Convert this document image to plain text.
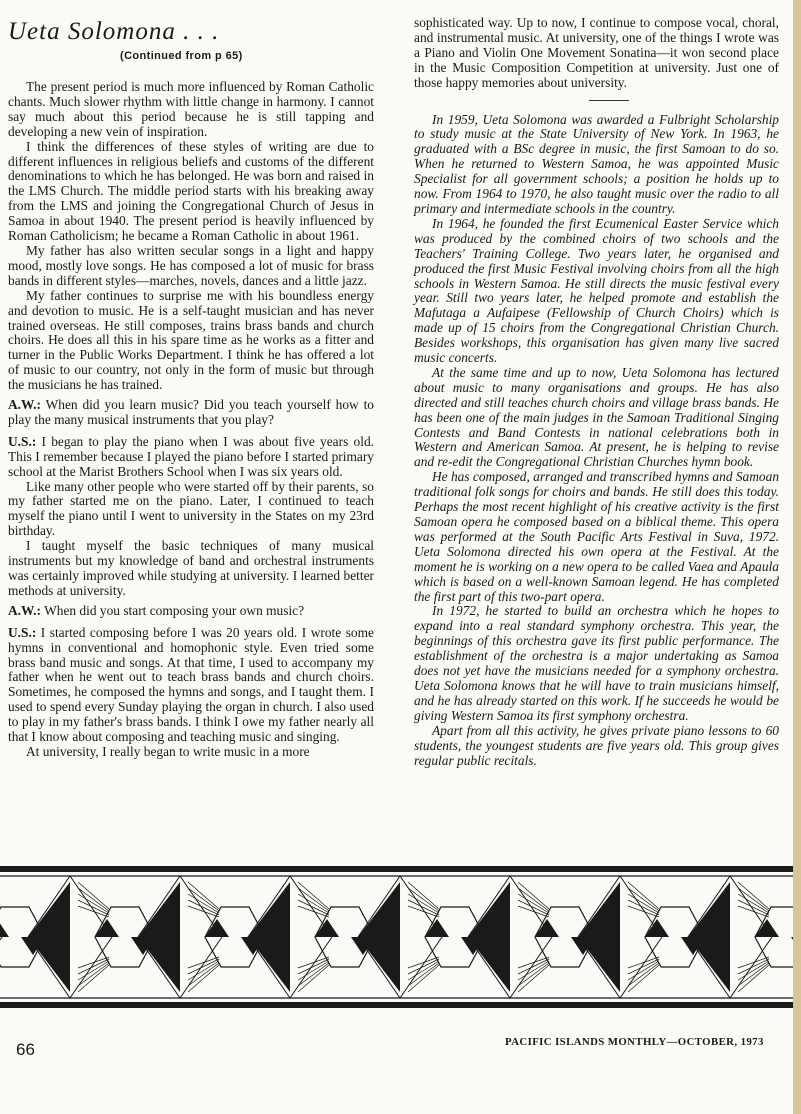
Ueta Solomona . . .
(Continued from p 65)

The present period is much more influenced by Roman Catholic chants. Much slower rhythm with little change in harmony. I cannot say much about this period because he is still tapping and developing a new vein of inspiration.

I think the differences of these styles of writing are due to different influences in religious beliefs and customs of the different denominations to which he has belonged. He was born and raised in the LMS Church. The middle period starts with his breaking away from the LMS and joining the Congregational Church of Jesus in Samoa in about 1940. The present period is heavily influenced by Roman Catholicism; he became a Roman Catholic in about 1961.

My father has also written secular songs in a light and happy mood, mostly love songs. He has composed a lot of music for brass bands in different styles—marches, novels, dances and a little jazz.

My father continues to surprise me with his boundless energy and devotion to music. He is a self-taught musician and has never trained overseas. He still composes, trains brass bands and church choirs. He does all this in his spare time as he works as a fitter and turner in the Public Works Department. I think he has offered a lot of music to our country, not only in the form of music but through the musicians he has trained.

A.W.: When did you learn music? Did you teach yourself how to play the many musical instruments that you play?

U.S.: I began to play the piano when I was about five years old. This I remember because I played the piano before I started primary school at the Marist Brothers School when I was six years old.

Like many other people who were started off by their parents, so my father started me on the piano. Later, I continued to teach myself the piano until I went to university in the States on my 23rd birthday.

I taught myself the basic techniques of many musical instruments but my knowledge of band and orchestral instruments was certainly improved while studying at university. I learned better methods at university.

A.W.: When did you start composing your own music?

U.S.: I started composing before I was 20 years old. I wrote some hymns in conventional and homophonic style. Even tried some brass band music and songs. At that time, I used to accompany my father when he went out to teach brass bands and church choirs. Sometimes, he composed the hymns and songs, and I taught them. I used to spend every Sunday playing the organ in church. I also used to play in my father's brass bands. I think I owe my father nearly all that I know about composing and teaching music and singing.

At university, I really began to write music in a more

sophisticated way. Up to now, I continue to compose vocal, choral, and instrumental music. At university, one of the things I wrote was a Piano and Violin One Movement Sonatina—it won second place in the Music Composition Competition at university. Just one of those happy memories about university.

In 1959, Ueta Solomona was awarded a Fulbright Scholarship to study music at the State University of New York. In 1963, he graduated with a BSc degree in music, the first Samoan to do so. When he returned to Western Samoa, he was appointed Music Specialist for all government schools; a position he holds up to now. From 1964 to 1970, he also taught music over the radio to all primary and intermediate schools in the country.

In 1964, he founded the first Ecumenical Easter Service which was produced by the combined choirs of two schools and the Teachers' Training College. Two years later, he organised and produced the first Music Festival involving choirs from all the high schools in Western Samoa. He still directs the music festival every year. Still two years later, he helped promote and establish the Mafutaga a Aufaipese (Fellowship of Church Choirs) which is made up of 15 choirs from the Congregational Christian Church. Besides workshops, this organisation has given many live sacred music concerts.

At the same time and up to now, Ueta Solomona has lectured about music to many organisations and groups. He has also directed and still teaches church choirs and village brass bands. He has been one of the main judges in the Samoan Traditional Singing Contests and Band Contests in national celebrations both in Western and American Samoa. At present, he is helping to revise and re-edit the Congregational Christian Churches hymn book.

He has composed, arranged and transcribed hymns and Samoan traditional folk songs for choirs and bands. He still does this today. Perhaps the most recent highlight of his creative activity is the first Samoan opera he composed based on a biblical theme. This opera was performed at the South Pacific Arts Festival in Suva, 1972. Ueta Solomona directed his own opera at the Festival. At the moment he is working on a new opera to be called Vaea and Apaula which is based on a well-known Samoan legend. He has completed the first part of this two-part opera.

In 1972, he started to build an orchestra which he hopes to expand into a real standard symphony orchestra. This year, the beginnings of this orchestra gave its first public performance. The establishment of the orchestra is a major undertaking as Samoa does not yet have the musicians needed for a symphony orchestra. Ueta Solomona knows that he will have to train musicians himself, and he has already started on this work. If he succeeds he would be giving Western Samoa its first symphony orchestra.

Apart from all this activity, he gives private piano lessons to 60 students, the youngest students are five years old. This group gives regular public recitals.

66	PACIFIC ISLANDS MONTHLY—OCTOBER, 1973
